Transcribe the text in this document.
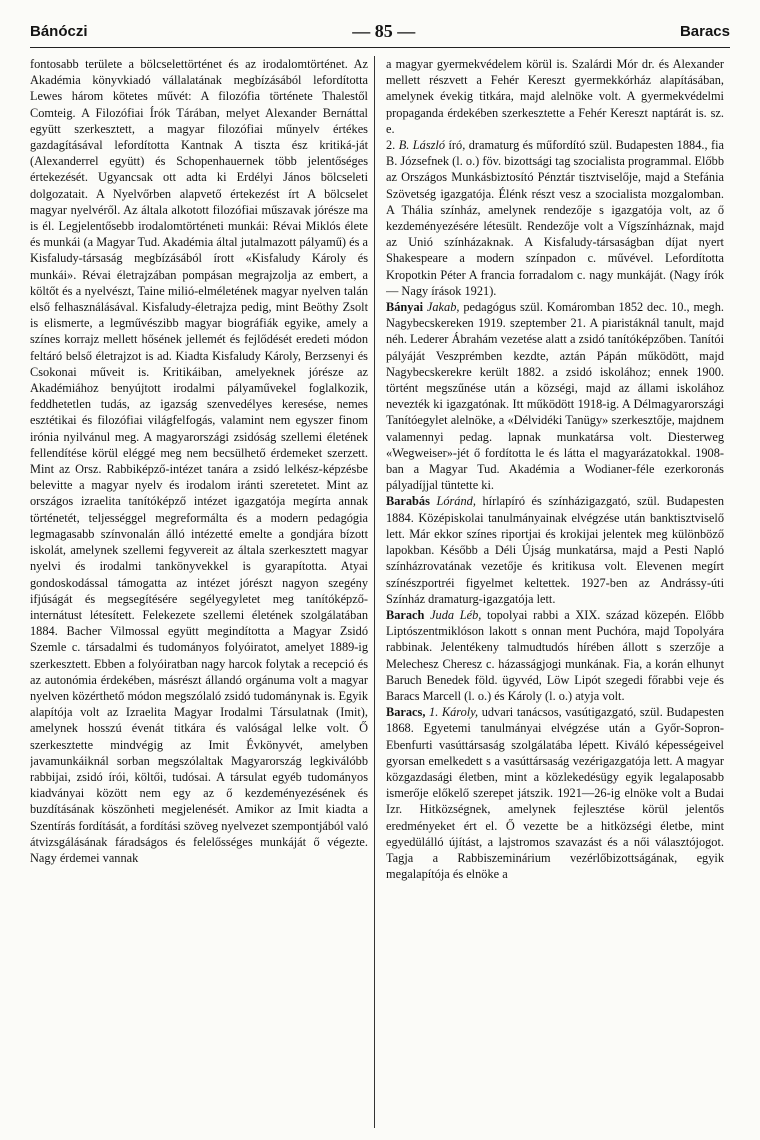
Bánóczi	— 85 —	Baracs

fontosabb területe a bölcselettörténet és az irodalomtörténet. Az Akadémia könyvkiadó vállalatának megbízásából lefordította Lewes három kötetes művét: A filozófia története Thalestől Comteig. A Filozófiai Írók Tárában, melyet Alexander Bernáttal együtt szerkesztett, a magyar filozófiai műnyelv értékes gazdagításával lefordította Kantnak A tiszta ész kritiká-ját (Alexanderrel együtt) és Schopenhauernek több jelentőséges értekezését. Ugyancsak ott adta ki Erdélyi János bölcseleti dolgozatait. A Nyelvőrben alapvető értekezést írt A bölcselet magyar nyelvéről. Az általa alkotott filozófiai műszavak jórésze ma is él. Legjelentősebb irodalomtörténeti munkái: Révai Miklós élete és munkái (a Magyar Tud. Akadémia által jutalmazott pályamű) és a Kisfaludy-társaság megbízásából írott «Kisfaludy Károly és munkái». Révai életrajzában pompásan megrajzolja az embert, a költőt és a nyelvészt, Taine milió-elméletének magyar nyelven talán első felhasználásával. Kisfaludy-életrajza pedig, mint Beöthy Zsolt is elismerte, a legművészibb magyar biográfiák egyike, amely a színes korrajz mellett hősének jellemét és fejlődését eredeti módon feltáró belső életrajzot is ad. Kiadta Kisfaludy Károly, Berzsenyi és Csokonai műveit is. Kritikáiban, amelyeknek jórésze az Akadémiához benyújtott irodalmi pályaművekel foglalkozik, feddhetetlen tudás, az igazság szenvedélyes keresése, nemes esztétikai és filozófiai világfelfogás, valamint nem egyszer finom irónia nyilvánul meg. A magyarországi zsidóság szellemi életének fellendítése körül eléggé meg nem becsülhető érdemeket szerzett. Mint az Orsz. Rabbiképző-intézet tanára a zsidó lelkész-képzésbe belevitte a magyar nyelv és irodalom iránti szeretetet. Mint az országos izraelita tanítóképző intézet igazgatója megírta annak történetét, teljességgel megreformálta és a modern pedagógia legmagasabb színvonalán álló intézetté emelte a gondjára bízott iskolát, amelynek szellemi fegyvereit az általa szerkesztett magyar nyelvi és irodalmi tankönyvekkel is gyarapította. Atyai gondoskodással támogatta az intézet jórészt nagyon szegény ifjúságát és megsegítésére segélyegyletet meg tanítóképző-internátust létesített. Felekezete szellemi életének szolgálatában 1884. Bacher Vilmossal együtt megindította a Magyar Zsidó Szemle c. társadalmi és tudományos folyóiratot, amelyet 1889-ig szerkesztett. Ebben a folyóiratban nagy harcok folytak a recepció és az autonómia érdekében, másrészt állandó orgánuma volt a magyar nyelven közérthető módon megszólaló zsidó tudománynak is. Egyik alapítója volt az Izraelita Magyar Irodalmi Társulatnak (Imit), amelynek hosszú évenát titkára és valóságal lelke volt. Ő szerkesztette mindvégig az Imit Évkönyvét, amelyben javamunkáiknál sorban megszólaltak Magyarország legkiválóbb rabbijai, zsidó írói, költői, tudósai. A társulat egyéb tudományos kiadványai között nem egy az ő kezdeményezésének és buzdításának köszönheti megjelenését. Amikor az Imit kiadta a Szentírás fordítását, a fordítási szöveg nyelvezet szempontjából való átvizsgálásának fáradságos és felelősséges munkáját ő végezte. Nagy érdemei vannak

a magyar gyermekvédelem körül is. Szalárdi Mór dr. és Alexander mellett részvett a Fehér Kereszt gyermekkórház alapításában, amelynek évekig titkára, majd alelnöke volt. A gyermekvédelmi propaganda érdekében szerkesztette a Fehér Kereszt naptárát is. sz. e.

2. B. László író, dramaturg és műfordító szül. Budapesten 1884., fia B. Józsefnek (l. o.) föv. bizottsági tag szocialista programmal. Előbb az Országos Munkásbiztosító Pénztár tisztviselője, majd a Stefánia Szövetség igazgatója. Élénk részt vesz a szocialista mozgalomban. A Thália színház, amelynek rendezője s igazgatója volt, az ő kezdeményezésére létesült. Rendezője volt a Vígszínháznak, majd az Unió színházaknak. A Kisfaludy-társaságban díjat nyert Shakespeare a modern színpadon c. művével. Lefordította Kropotkin Péter A francia forradalom c. nagy munkáját. (Nagy írók — Nagy írások 1921).

Bányai Jakab, pedagógus szül. Komáromban 1852 dec. 10., megh. Nagybecskereken 1919. szeptember 21. A piaristáknál tanult, majd néh. Lederer Ábrahám vezetése alatt a zsidó tanítóképzőben. Tanítói pályáját Veszprémben kezdte, aztán Pápán működött, majd Nagybecskerekre került 1882. a zsidó iskolához; ennek 1900. történt megszűnése után a községi, majd az állami iskolához nevezték ki igazgatónak. Itt működött 1918-ig. A Délmagyarországi Tanítóegylet alelnöke, a «Délvidéki Tanügy» szerkesztője, majdnem valamennyi pedag. lapnak munkatársa volt. Diesterweg «Wegweiser»-jét ő fordította le és látta el magyarázatokkal. 1908-ban a Magyar Tud. Akadémia a Wodianer-féle ezerkoronás pályadíjjal tüntette ki.

Barabás Lóránd, hírlapíró és színházigazgató, szül. Budapesten 1884. Középiskolai tanulmányainak elvégzése után banktisztviselő lett. Már ekkor színes riportjai és krokijai jelentek meg különböző lapokban. Később a Déli Újság munkatársa, majd a Pesti Napló színházrovatának vezetője és kritikusa volt. Elevenen megírt színészportréi figyelmet keltettek. 1927-ben az Andrássy-úti Színház dramaturg-igazgatója lett.

Barach Juda Léb, topolyai rabbi a XIX. század közepén. Előbb Liptószentmiklóson lakott s onnan ment Puchóra, majd Topolyára rabbinak. Jelentékeny talmudtudós hírében állott s szerzője a Melechesz Cheresz c. házasságjogi munkának. Fia, a korán elhunyt Baruch Benedek föld. ügyvéd, Löw Lipót szegedi főrabbi veje és Baracs Marcell (l. o.) és Károly (l. o.) atyja volt.

Baracs, 1. Károly, udvari tanácsos, vasútigazgató, szül. Budapesten 1868. Egyetemi tanulmányai elvégzése után a Győr-Sopron-Ebenfurti vasúttársaság szolgálatába lépett. Kiváló képességeivel gyorsan emelkedett s a vasúttársaság vezérigazgatója lett. A magyar közgazdasági életben, mint a közlekedésügy egyik legalaposabb ismerője előkelő szerepet játszik. 1921—26-ig elnöke volt a Budai Izr. Hitközségnek, amelynek fejlesztése körül jelentős eredményeket ért el. Ő vezette be a hitközségi életbe, mint egyedülálló újítást, a lajstromos szavazást és a női választójogot. Tagja a Rabbiszeminárium vezérlőbizottságának, egyik megalapítója és elnöke a
